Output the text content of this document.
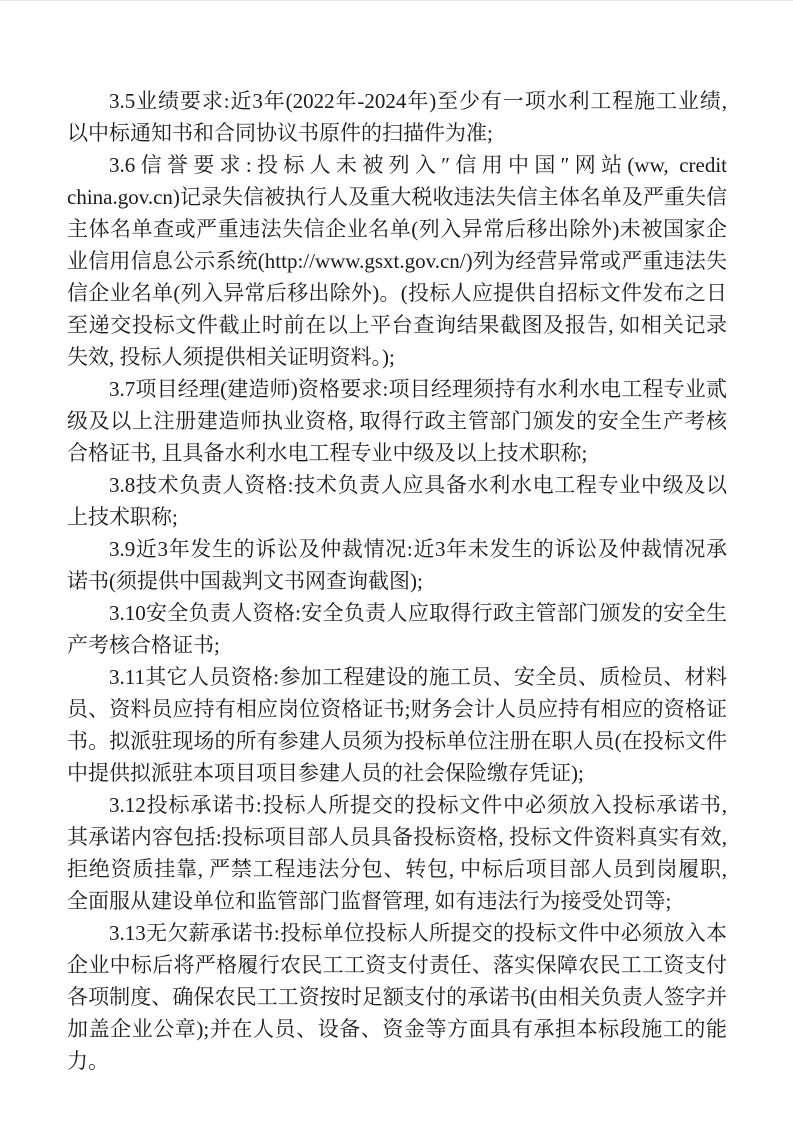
3.5业绩要求:近3年(2022年-2024年)至少有一项水利工程施工业绩, 以中标通知书和合同协议书原件的扫描件为准;

3.6信誉要求:投标人未被列入″信用中国″网站(ww, credit china.gov.cn)记录失信被执行人及重大税收违法失信主体名单及严重失信主体名单查或严重违法失信企业名单(列入异常后移出除外)未被国家企业信用信息公示系统(http://www.gsxt.gov.cn/)列为经营异常或严重违法失信企业名单(列入异常后移出除外)。(投标人应提供自招标文件发布之日至递交投标文件截止时前在以上平台查询结果截图及报告, 如相关记录失效, 投标人须提供相关证明资料。);

3.7项目经理(建造师)资格要求:项目经理须持有水利水电工程专业贰级及以上注册建造师执业资格, 取得行政主管部门颁发的安全生产考核合格证书, 且具备水利水电工程专业中级及以上技术职称;

3.8技术负责人资格:技术负责人应具备水利水电工程专业中级及以上技术职称;

3.9近3年发生的诉讼及仲裁情况:近3年未发生的诉讼及仲裁情况承诺书(须提供中国裁判文书网查询截图);

3.10安全负责人资格:安全负责人应取得行政主管部门颁发的安全生产考核合格证书;

3.11其它人员资格:参加工程建设的施工员、安全员、质检员、材料员、资料员应持有相应岗位资格证书;财务会计人员应持有相应的资格证书。拟派驻现场的所有参建人员须为投标单位注册在职人员(在投标文件中提供拟派驻本项目项目参建人员的社会保险缴存凭证);

3.12投标承诺书:投标人所提交的投标文件中必须放入投标承诺书, 其承诺内容包括:投标项目部人员具备投标资格, 投标文件资料真实有效, 拒绝资质挂靠, 严禁工程违法分包、转包, 中标后项目部人员到岗履职, 全面服从建设单位和监管部门监督管理, 如有违法行为接受处罚等;

3.13无欠薪承诺书:投标单位投标人所提交的投标文件中必须放入本企业中标后将严格履行农民工工资支付责任、落实保障农民工工资支付各项制度、确保农民工工资按时足额支付的承诺书(由相关负责人签字并加盖企业公章);并在人员、设备、资金等方面具有承担本标段施工的能力。
